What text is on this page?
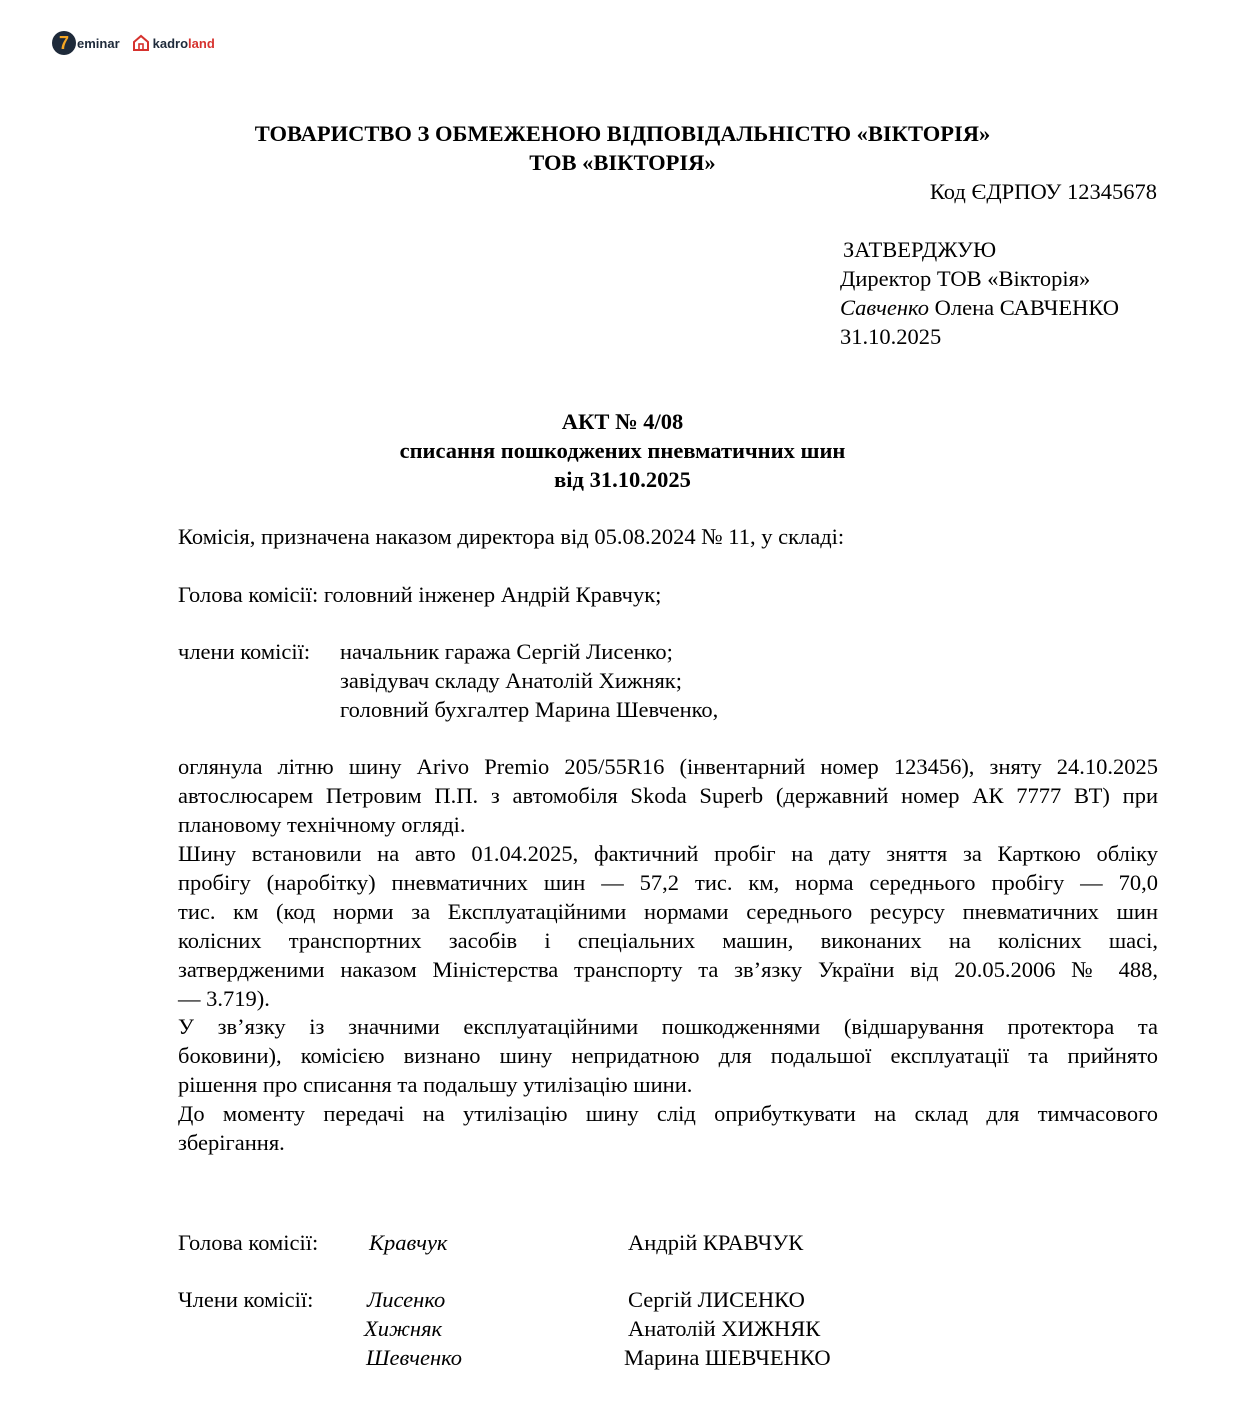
7 eminar	kadro land
ТОВАРИСТВО З ОБМЕЖЕНОЮ ВІДПОВІДАЛЬНІСТЮ «ВІКТОРІЯ»
ТОВ «ВІКТОРІЯ»
Код ЄДРПОУ 12345678
ЗАТВЕРДЖУЮ
Директор ТОВ «Вікторія»
Савченко Олена САВЧЕНКО
31.10.2025
АКТ № 4/08
списання пошкоджених пневматичних шин
від 31.10.2025
Комісія, призначена наказом директора від 05.08.2024 № 11, у складі:
Голова комісії: головний інженер Андрій Кравчук;
члени комісії: начальник гаража Сергій Лисенко;
завідувач складу Анатолій Хижняк;
головний бухгалтер Марина Шевченко,
оглянула літню шину Arivo Premio 205/55R16 (інвентарний номер 123456), зняту 24.10.2025
автослюсарем Петровим П.П. з автомобіля Skoda Superb (державний номер АК 7777 ВТ) при
плановому технічному огляді.
Шину встановили на авто 01.04.2025, фактичний пробіг на дату зняття за Карткою обліку
пробігу (наробітку) пневматичних шин — 57,2 тис. км, норма середнього пробігу — 70,0
тис. км (код норми за Експлуатаційними нормами середнього ресурсу пневматичних шин
колісних транспортних засобів і спеціальних машин, виконаних на колісних шасі,
затвердженими наказом Міністерства транспорту та зв’язку України від 20.05.2006 № 488,
— 3.719).
У зв’язку із значними експлуатаційними пошкодженнями (відшарування протектора та
боковини), комісією визнано шину непридатною для подальшої експлуатації та прийнято
рішення про списання та подальшу утилізацію шини.
До моменту передачі на утилізацію шину слід оприбуткувати на склад для тимчасового
зберігання.
Голова комісії: Кравчук	Андрій КРАВЧУК
Члени комісії: Лисенко	Сергій ЛИСЕНКО
Хижняк	Анатолій ХИЖНЯК
Шевченко	Марина ШЕВЧЕНКО
